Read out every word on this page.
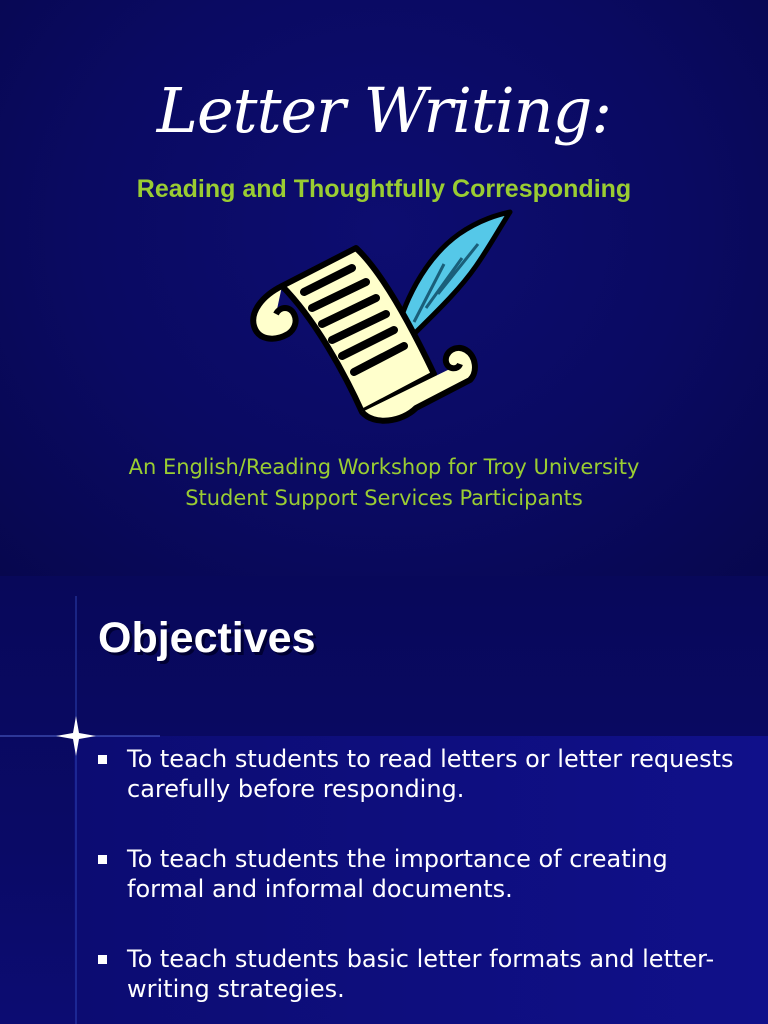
Letter Writing:
Reading and Thoughtfully Corresponding
An English/Reading Workshop for Troy University
Student Support Services Participants
Objectives
To teach students to read letters or letter requests carefully before responding.
To teach students the importance of creating formal and informal documents.
To teach students basic letter formats and letter-writing strategies.
